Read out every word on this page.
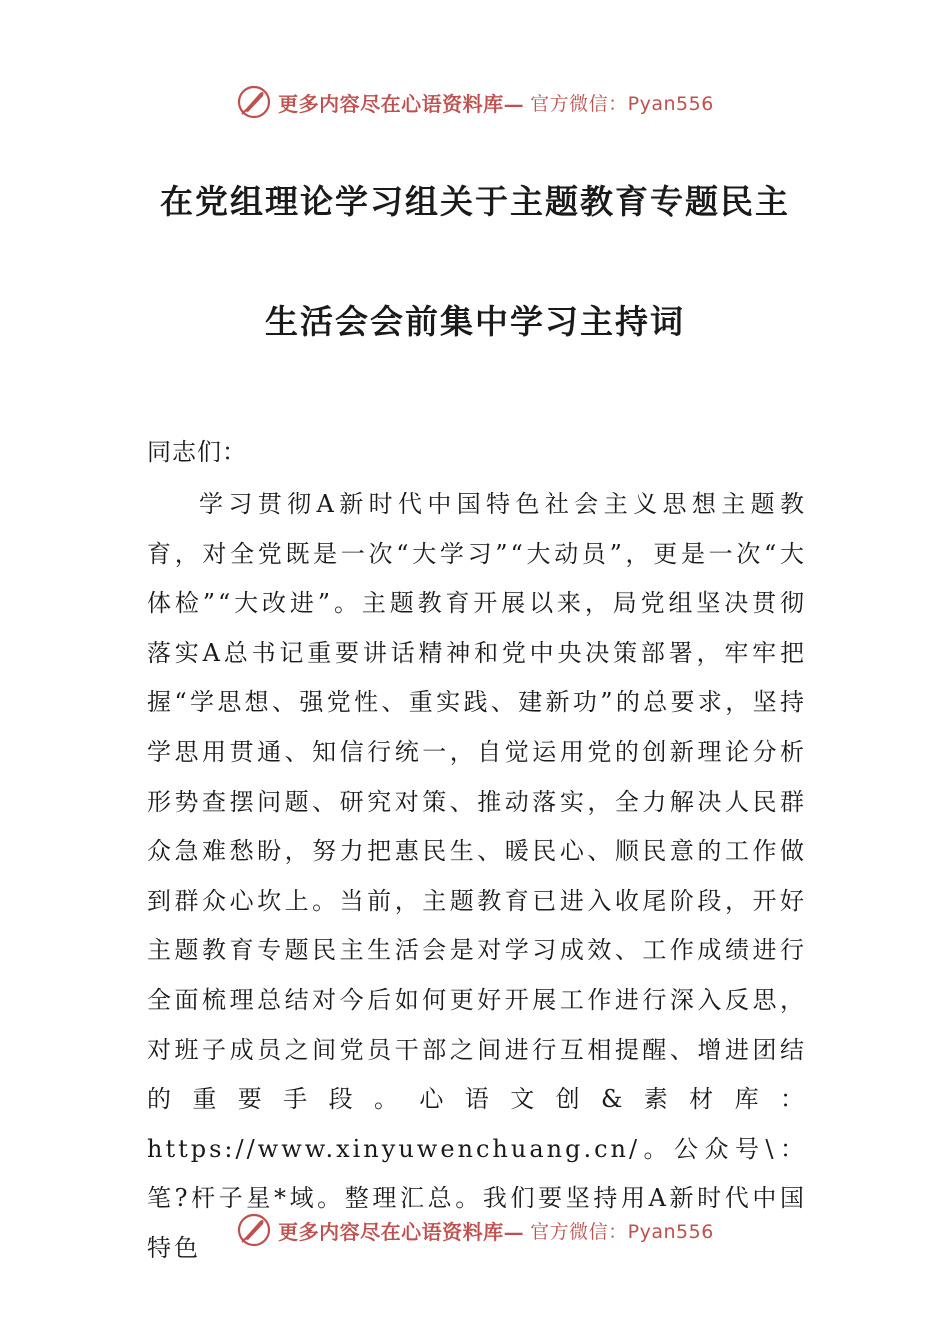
更多内容尽在心语资料库— 官方微信：Pyan556
在党组理论学习组关于主题教育专题民主
生活会会前集中学习主持词
同志们：
学习贯彻A新时代中国特色社会主义思想主题教育，对全党既是一次“大学习”“大动员”，更是一次“大体检”“大改进”。主题教育开展以来，局党组坚决贯彻落实A总书记重要讲话精神和党中央决策部署，牢牢把握“学思想、强党性、重实践、建新功”的总要求，坚持学思用贯通、知信行统一，自觉运用党的创新理论分析形势查摆问题、研究对策、推动落实，全力解决人民群众急难愁盼，努力把惠民生、暖民心、顺民意的工作做到群众心坎上。当前，主题教育已进入收尾阶段，开好主题教育专题民主生活会是对学习成效、工作成绩进行全面梳理总结对今后如何更好开展工作进行深入反思，对班子成员之间党员干部之间进行互相提醒、增进团结的重要手段。心语文创&素材库：https://www.xinyuwenchuang.cn/。公众号\：笔?杆子星*域。整理汇总。我们要坚持用A新时代中国特色
更多内容尽在心语资料库— 官方微信：Pyan556
